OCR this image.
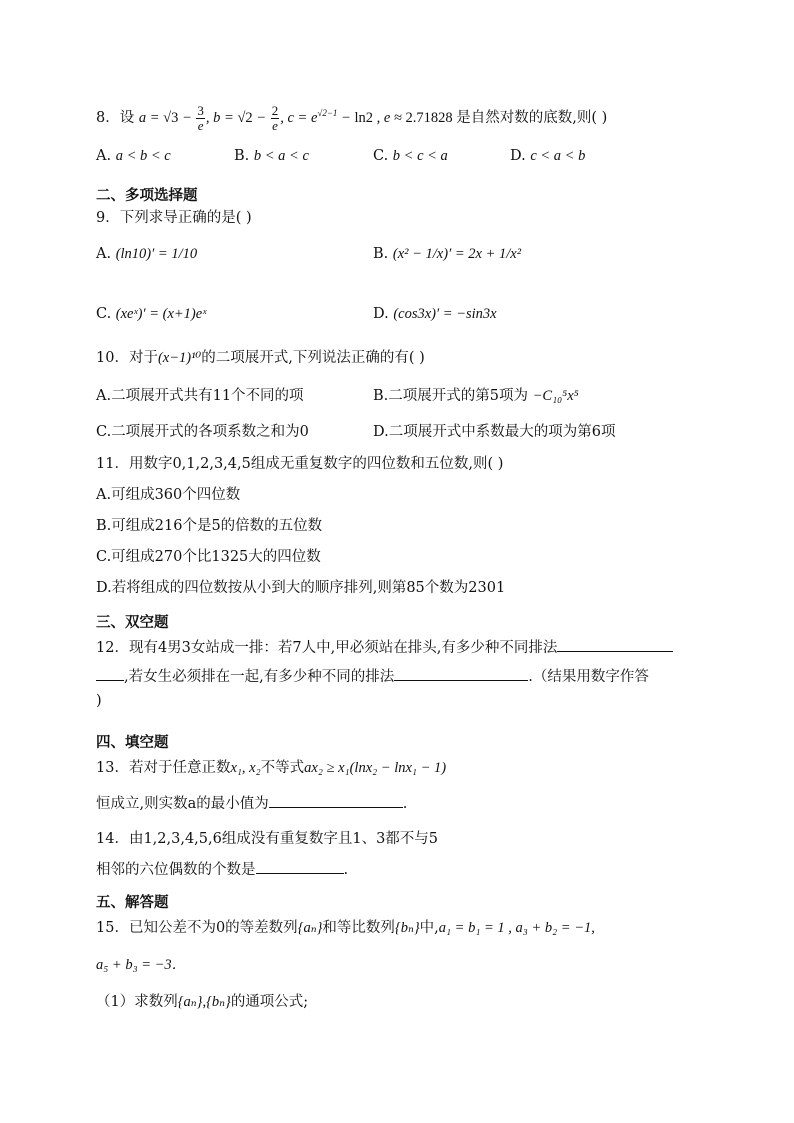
8．设 $a = √3 - \frac{3}{e}$ , $b = √2 - \frac{2}{e}$ , $c = e^{√2-1} - \ln 2$ , e ≈ 2.71828 是自然对数的底数,则( )
A. a < b < c	B. b < a < c	C. b < c < a	D. c < a < b
二、多项选择题
9．下列求导正确的是( )
A. (ln10)′ = 1/10	B. (x² − 1/x)′ = 2x + 1/x²
C. (xeˣ)′ = (x+1)eˣ	D. (cos3x)′ = −sin3x
10．对于(x−1)¹⁰的二项展开式,下列说法正确的有( )
A.二项展开式共有11个不同的项	B.二项展开式的第5项为 −C₁₀⁵x⁵
C.二项展开式的各项系数之和为0	D.二项展开式中系数最大的项为第6项
11．用数字0,1,2,3,4,5组成无重复数字的四位数和五位数,则( )
A.可组成360个四位数
B.可组成216个是5的倍数的五位数
C.可组成270个比1325大的四位数
D.若将组成的四位数按从小到大的顺序排列,则第85个数为2301
三、双空题
12．现有4男3女站成一排：若7人中,甲必须站在排头,有多少种不同排法
,若女生必须排在一起,有多少种不同的排法	.（结果用数字作答
)
四、填空题
13．若对于任意正数x₁, x₂不等式ax₂ ≥ x₁(lnx₂ − lnx₁ − 1)
恒成立,则实数a的最小值为	.
14．由1,2,3,4,5,6组成没有重复数字且1、3都不与5
相邻的六位偶数的个数是	.
五、解答题
15．已知公差不为0的等差数列{aₙ}和等比数列{bₙ}中,a₁ = b₁ = 1 , a₃ + b₂ = −1,
a₅ + b₃ = −3．
（1）求数列{aₙ},{bₙ}的通项公式;
